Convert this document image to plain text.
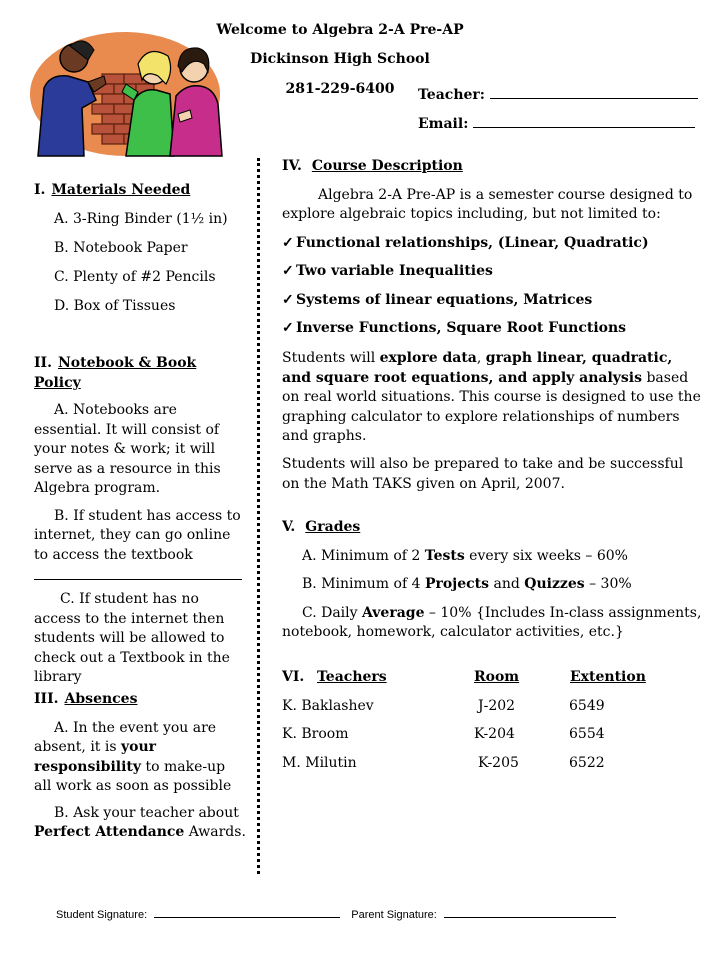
Welcome to Algebra 2-A Pre-AP
Dickinson High School
281-229-6400	Teacher:
Email:
I. Materials Needed
A. 3-Ring Binder (1½ in)
B. Notebook Paper
C. Plenty of #2 Pencils
D. Box of Tissues
II. Notebook & Book Policy
A. Notebooks are essential. It will consist of your notes & work; it will serve as a resource in this Algebra program.
B. If student has access to internet, they can go online to access the textbook
C. If student has no access to the internet then students will be allowed to check out a Textbook in the library
III. Absences
A. In the event you are absent, it is your responsibility to make-up all work as soon as possible
B. Ask your teacher about Perfect Attendance Awards.
IV. Course Description
Algebra 2-A Pre-AP is a semester course designed to explore algebraic topics including, but not limited to:
✓ Functional relationships, (Linear, Quadratic)
✓ Two variable Inequalities
✓ Systems of linear equations, Matrices
✓ Inverse Functions, Square Root Functions
Students will explore data, graph linear, quadratic, and square root equations, and apply analysis based on real world situations. This course is designed to use the graphing calculator to explore relationships of numbers and graphs.
Students will also be prepared to take and be successful on the Math TAKS given on April, 2007.
V. Grades
A. Minimum of 2 Tests every six weeks – 60%
B. Minimum of 4 Projects and Quizzes – 30%
C. Daily Average – 10% {Includes In-class assignments, notebook, homework, calculator activities, etc.}
VI. Teachers	Room	Extention
K. Baklashev	J-202	6549
K. Broom	K-204	6554
M. Milutin	K-205	6522
Student Signature:	Parent Signature:
